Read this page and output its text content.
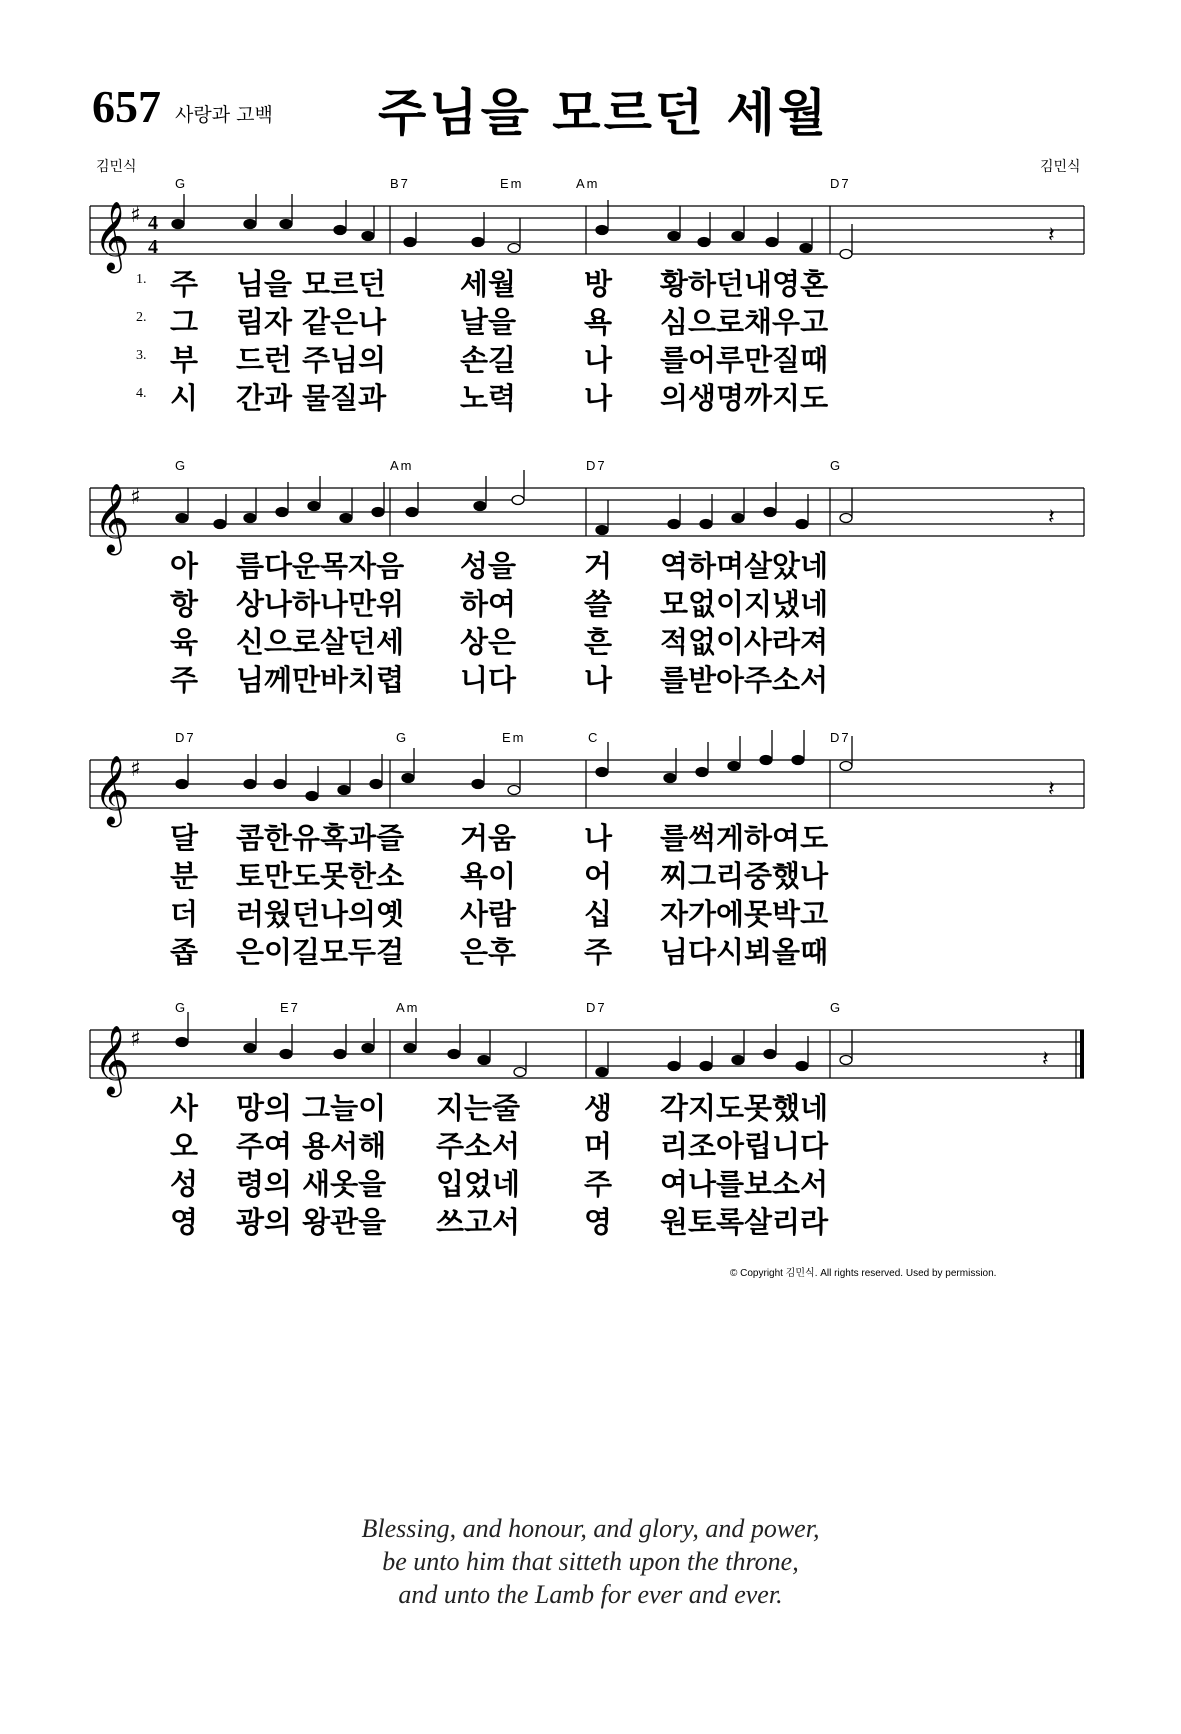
657 사랑과 고백 주님을 모르던 세월
김민식	김민식
G	B7	Em	Am	D7
𝄞 ♯ 4
4	𝄽
1. 주 님을 모르던	세월 방 황하던내영혼
2. 그 림자 같은나	날을 욕 심으로채우고
3. 부 드런 주님의	손길 나 를어루만질때
4. 시 간과 물질과	노력 나 의생명까지도
G	Am	D7	G
𝄞 ♯
𝄽
아 름다운목자음 성을 거 역하며살았네
항 상나하나만위 하여 쓸 모없이지냈네
육 신으로살던세 상은 흔 적없이사라져
주 님께만바치렵 니다 나 를받아주소서
D7	G	Em	C	D7
𝄞 ♯
𝄽
달 콤한유혹과즐 거움 나 를썩게하여도
분 토만도못한소 욕이 어 찌그리중했나
더 러웠던나의옛 사람 십 자가에못박고
좁 은이길모두걸 은후 주 님다시뵈올때
G	E7	Am	D7	G
𝄞 ♯
𝄽
사 망의 그늘이 지는줄 생 각지도못했네
오 주여 용서해 주소서 머 리조아립니다
성 령의 새옷을 입었네 주 여나를보소서
영 광의 왕관을 쓰고서 영 원토록살리라
© Copyright 김민식. All rights reserved. Used by permission.
Blessing, and honour, and glory, and power,
be unto him that sitteth upon the throne,
and unto the Lamb for ever and ever.
